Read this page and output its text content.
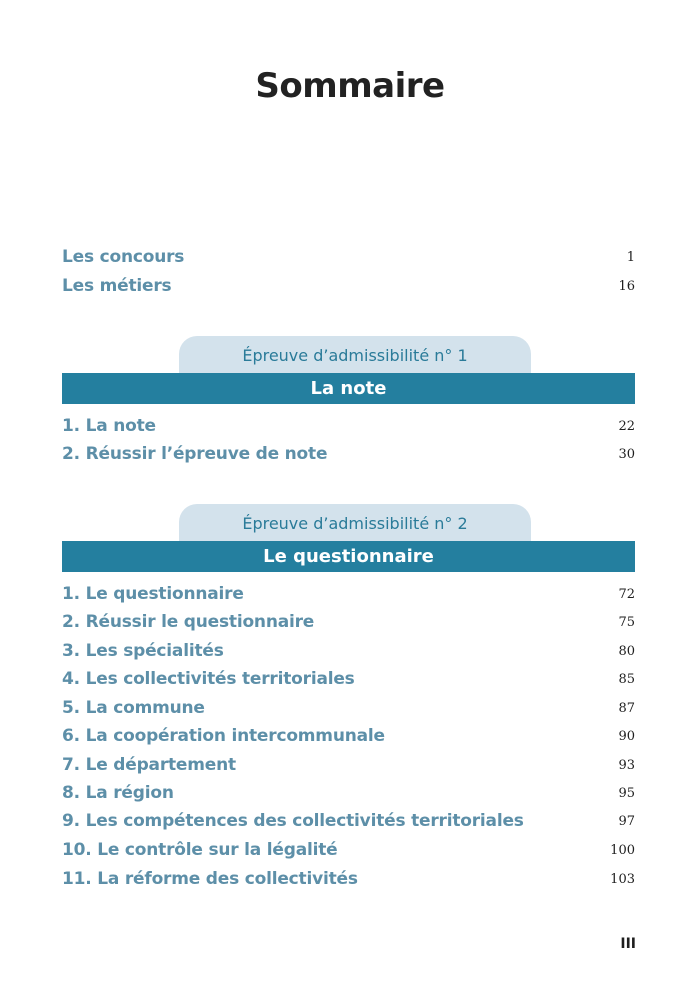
Sommaire
Les concours	1
Les métiers	16
Épreuve d’admissibilité n° 1
La note
1. La note	22
2. Réussir l’épreuve de note	30
Épreuve d’admissibilité n° 2
Le questionnaire
1. Le questionnaire	72
2. Réussir le questionnaire	75
3. Les spécialités	80
4. Les collectivités territoriales	85
5. La commune	87
6. La coopération intercommunale	90
7. Le département	93
8. La région	95
9. Les compétences des collectivités territoriales	97
10. Le contrôle sur la légalité	100
11. La réforme des collectivités	103
III
